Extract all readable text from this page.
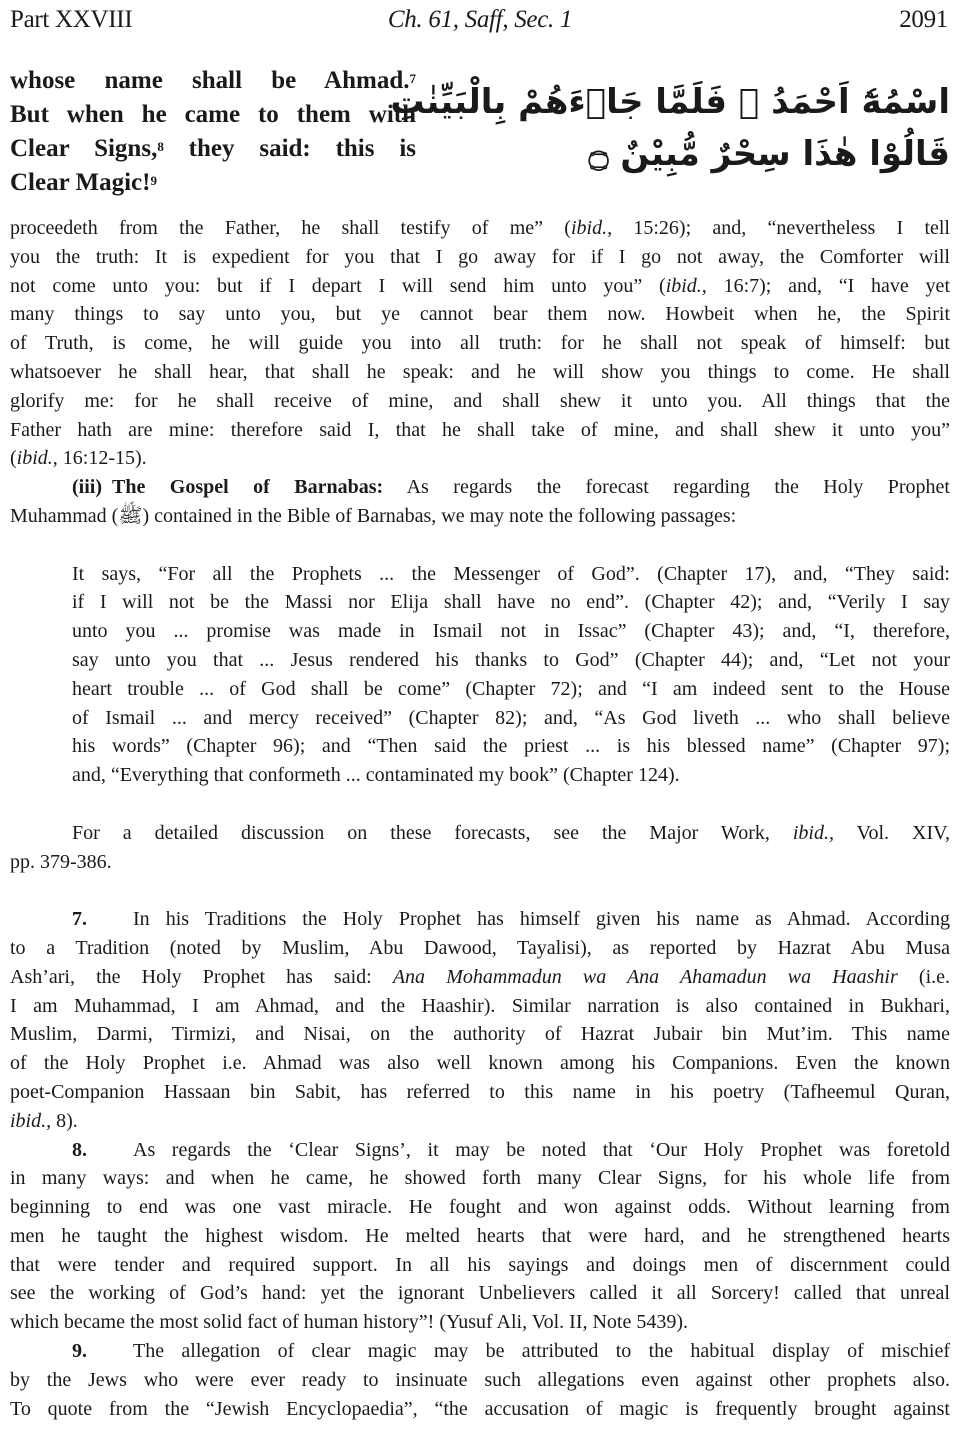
Part XXVIII	Ch. 61, Saff, Sec. 1	2091
whose name shall be Ahmad.$^7$
But when he came to them with
Clear Signs,$^8$ they said: this is
Clear Magic!$^9$
اسْمُهٗٓ اَحْمَدُ ۭ فَلَمَّا جَاۗءَهُمْ بِالْبَيِّنٰتِ
قَالُوْا هٰذَا سِحْرٌ مُّبِيْنٌ ۝
proceedeth from the Father, he shall testify of me” (ibid., 15:26); and, “nevertheless I tell
you the truth: It is expedient for you that I go away for if I go not away, the Comforter will
not come unto you: but if I depart I will send him unto you” (ibid., 16:7); and, “I have yet
many things to say unto you, but ye cannot bear them now. Howbeit when he, the Spirit
of Truth, is come, he will guide you into all truth: for he shall not speak of himself: but
whatsoever he shall hear, that shall he speak: and he will show you things to come. He shall
glorify me: for he shall receive of mine, and shall shew it unto you. All things that the
Father hath are mine: therefore said I, that he shall take of mine, and shall shew it unto you”
(ibid., 16:12-15).
(iii)  The Gospel of Barnabas: As regards the forecast regarding the Holy Prophet
Muhammad (ﷺ) contained in the Bible of Barnabas, we may note the following passages:
It says, “For all the Prophets ... the Messenger of God”. (Chapter 17), and, “They said:
if I will not be the Massi nor Elija shall have no end”. (Chapter 42); and, “Verily I say
unto you ... promise was made in Ismail not in Issac” (Chapter 43); and, “I, therefore,
say unto you that ... Jesus rendered his thanks to God” (Chapter 44); and, “Let not your
heart trouble ... of God shall be come” (Chapter 72); and “I am indeed sent to the House
of Ismail ... and mercy received” (Chapter 82); and, “As God liveth ... who shall believe
his words” (Chapter 96); and “Then said the priest ... is his blessed name” (Chapter 97);
and, “Everything that conformeth ... contaminated my book” (Chapter 124).
For a detailed discussion on these forecasts, see the Major Work, ibid., Vol. XIV,
pp. 379-386.
7. In his Traditions the Holy Prophet has himself given his name as Ahmad. According
to a Tradition (noted by Muslim, Abu Dawood, Tayalisi), as reported by Hazrat Abu Musa
Ash’ari, the Holy Prophet has said: Ana Mohammadun wa Ana Ahamadun wa Haashir (i.e.
I am Muhammad, I am Ahmad, and the Haashir). Similar narration is also contained in Bukhari,
Muslim, Darmi, Tirmizi, and Nisai, on the authority of Hazrat Jubair bin Mut’im. This name
of the Holy Prophet i.e. Ahmad was also well known among his Companions. Even the known
poet-Companion Hassaan bin Sabit, has referred to this name in his poetry (Tafheemul Quran,
ibid., 8).
8. As regards the ‘Clear Signs’, it may be noted that ‘Our Holy Prophet was foretold
in many ways: and when he came, he showed forth many Clear Signs, for his whole life from
beginning to end was one vast miracle. He fought and won against odds. Without learning from
men he taught the highest wisdom. He melted hearts that were hard, and he strengthened hearts
that were tender and required support. In all his sayings and doings men of discernment could
see the working of God’s hand: yet the ignorant Unbelievers called it all Sorcery! called that unreal
which became the most solid fact of human history”! (Yusuf Ali, Vol. II, Note 5439).
9. The allegation of clear magic may be attributed to the habitual display of mischief
by the Jews who were ever ready to insinuate such allegations even against other prophets also.
To quote from the “Jewish Encyclopaedia”, “the accusation of magic is frequently brought against
